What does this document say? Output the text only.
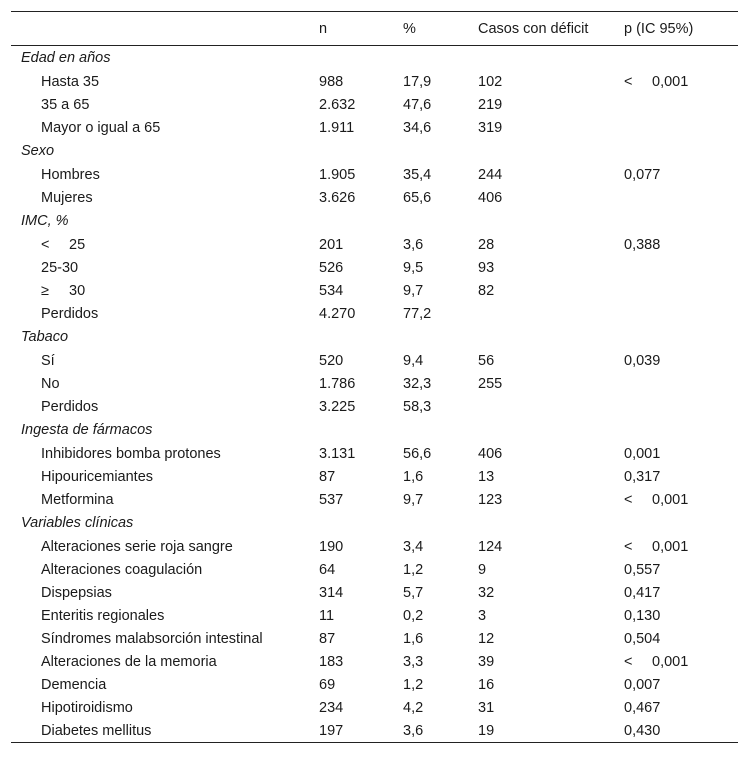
	n	%	Casos con déficit	p (IC 95%)
Edad en años				
Hasta 35	988	17,9	102	< 0,001
35 a 65	2.632	47,6	219	
Mayor o igual a 65	1.911	34,6	319	
Sexo				
Hombres	1.905	35,4	244	0,077
Mujeres	3.626	65,6	406	
IMC, %				
< 25	201	3,6	28	0,388
25-30	526	9,5	93	
≥ 30	534	9,7	82	
Perdidos	4.270	77,2		
Tabaco				
Sí	520	9,4	56	0,039
No	1.786	32,3	255	
Perdidos	3.225	58,3		
Ingesta de fármacos				
Inhibidores bomba protones	3.131	56,6	406	0,001
Hipouricemiantes	87	1,6	13	0,317
Metformina	537	9,7	123	< 0,001
Variables clínicas				
Alteraciones serie roja sangre	190	3,4	124	< 0,001
Alteraciones coagulación	64	1,2	9	0,557
Dispepsias	314	5,7	32	0,417
Enteritis regionales	11	0,2	3	0,130
Síndromes malabsorción intestinal	87	1,6	12	0,504
Alteraciones de la memoria	183	3,3	39	< 0,001
Demencia	69	1,2	16	0,007
Hipotiroidismo	234	4,2	31	0,467
Diabetes mellitus	197	3,6	19	0,430
